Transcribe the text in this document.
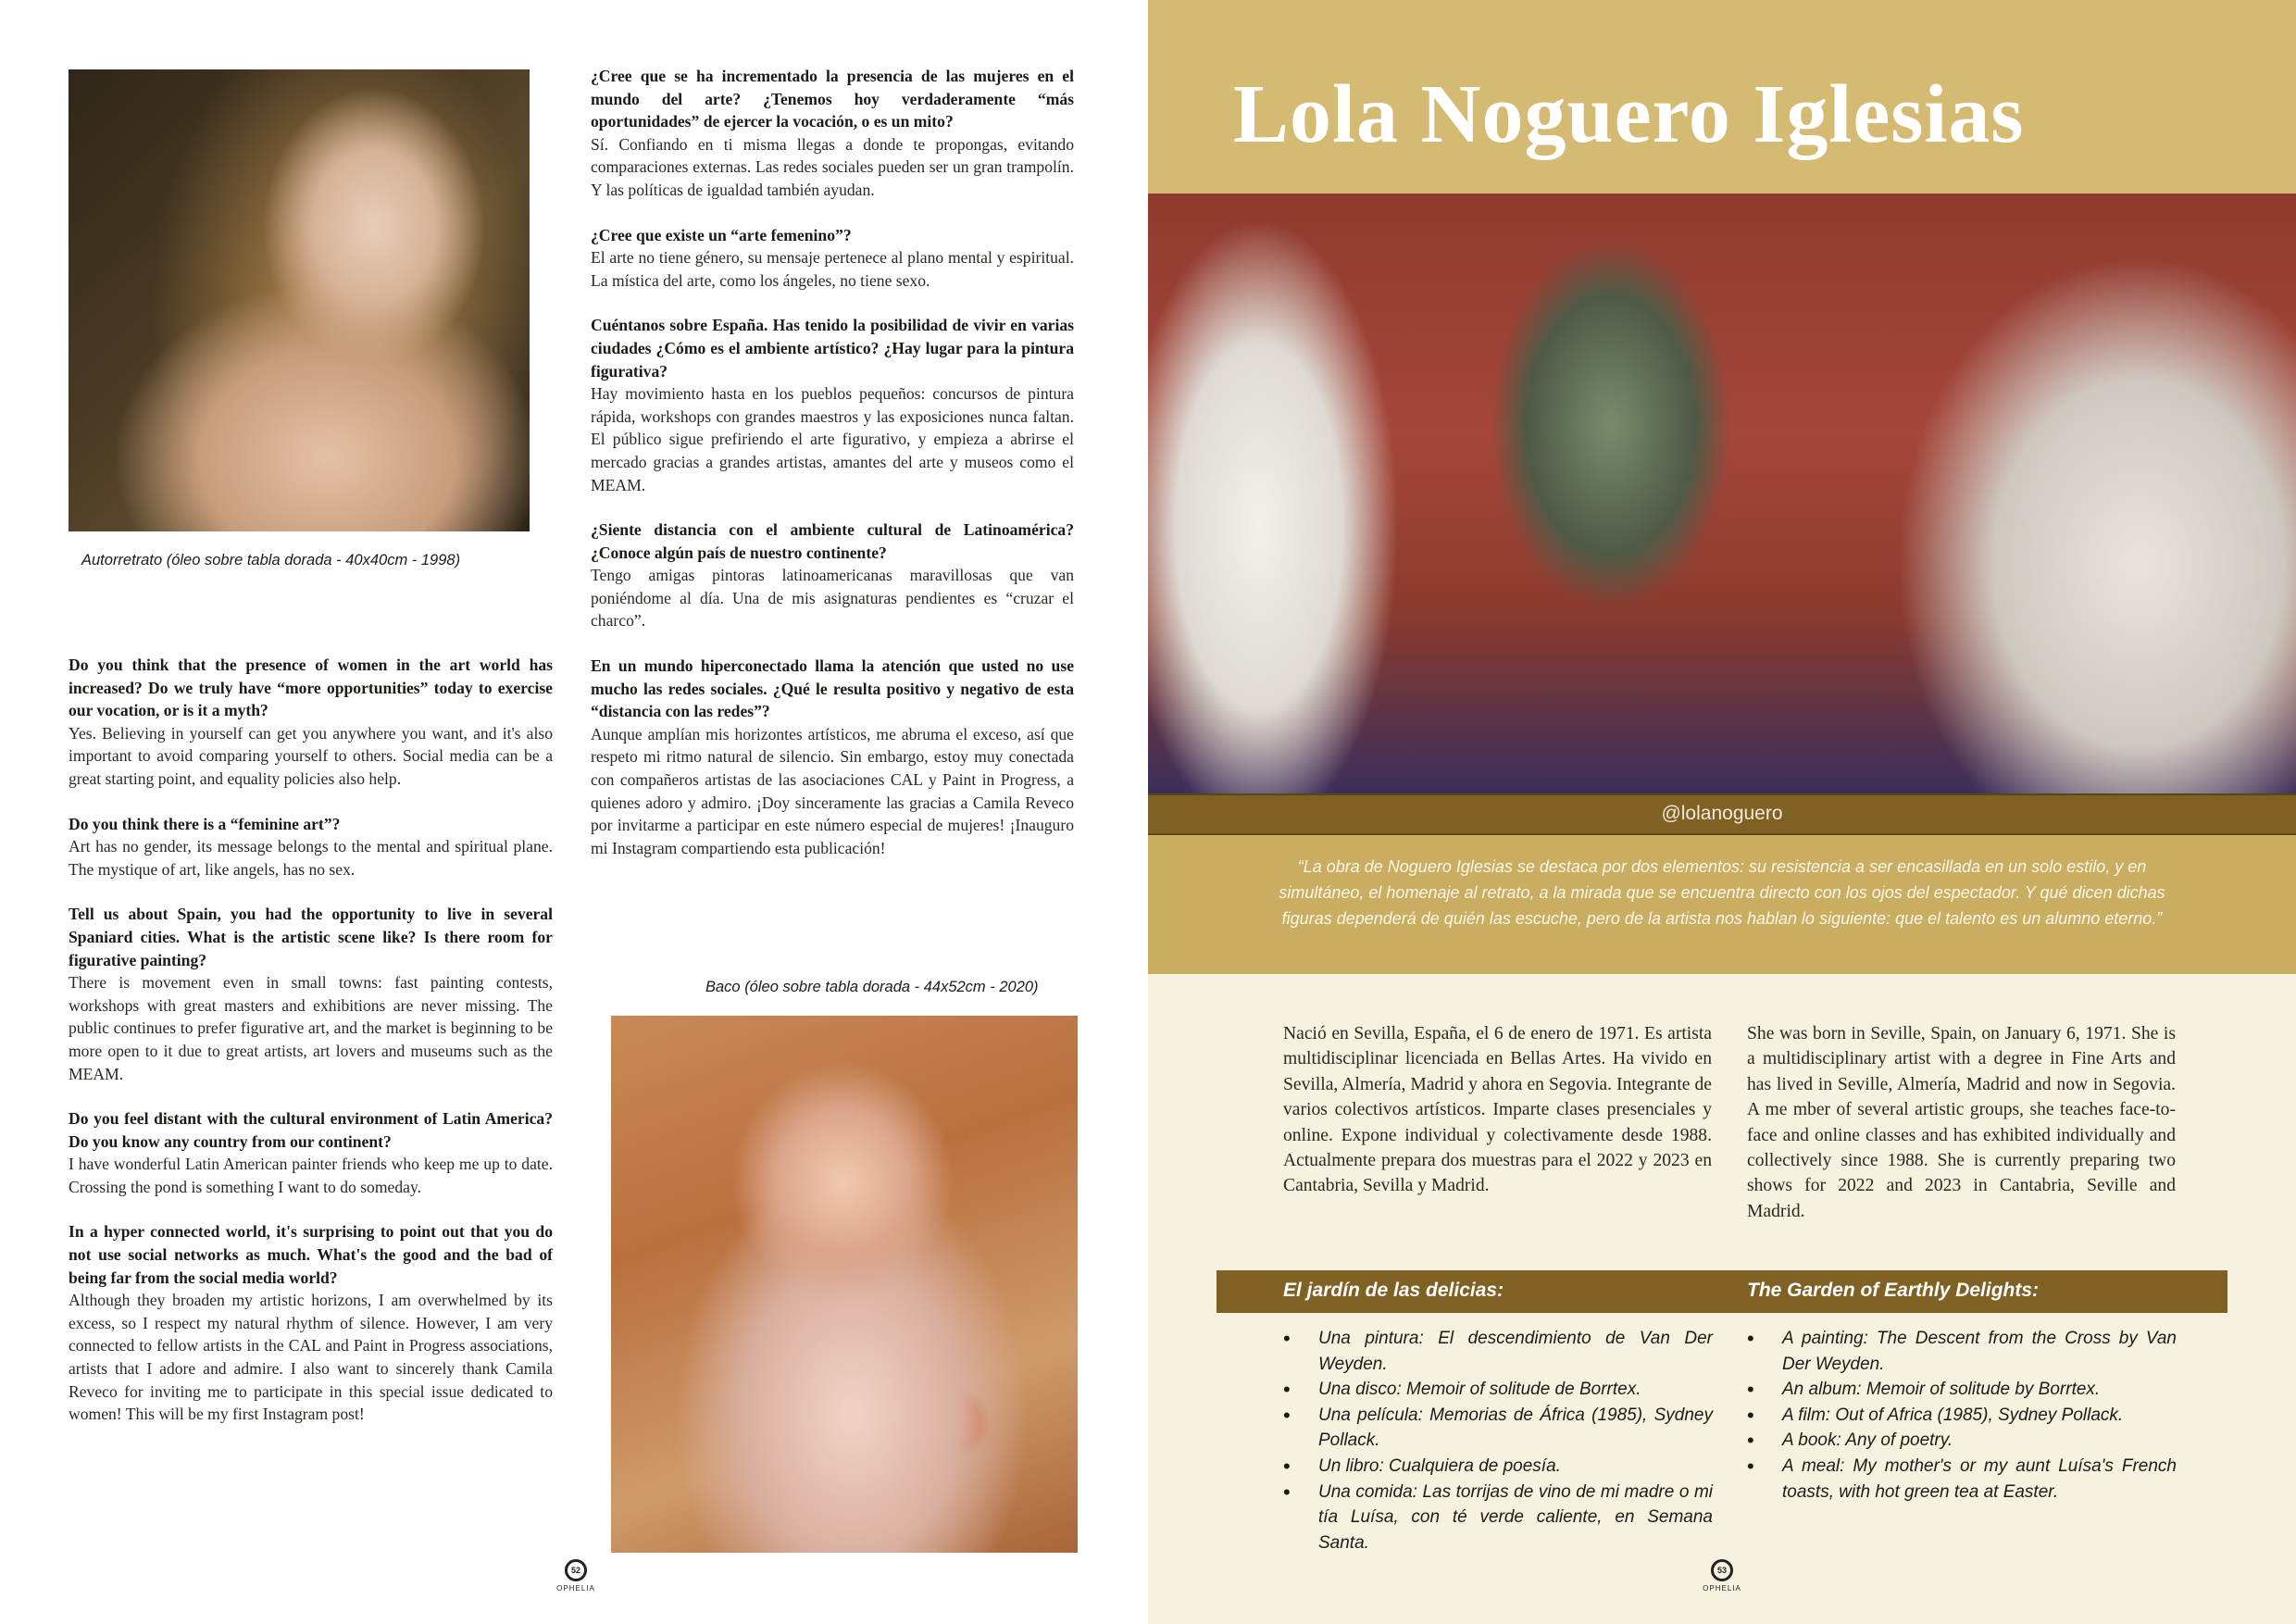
Autorretrato (óleo sobre tabla dorada - 40x40cm - 1998)

Do you think that the presence of women in the art world has increased? Do we truly have “more opportunities” today to exercise our vocation, or is it a myth?

Yes. Believing in yourself can get you anywhere you want, and it's also important to avoid comparing yourself to others. Social media can be a great starting point, and equality policies also help.

Do you think there is a “feminine art”?

Art has no gender, its message belongs to the mental and spiritual plane. The mystique of art, like angels, has no sex.

Tell us about Spain, you had the opportunity to live in several Spaniard cities. What is the artistic scene like? Is there room for figurative painting?

There is movement even in small towns: fast painting contests, workshops with great masters and exhibitions are never missing. The public continues to prefer figurative art, and the market is beginning to be more open to it due to great artists, art lovers and museums such as the MEAM.

Do you feel distant with the cultural environment of Latin America? Do you know any country from our continent?

I have wonderful Latin American painter friends who keep me up to date. Crossing the pond is something I want to do someday.

In a hyper connected world, it's surprising to point out that you do not use social networks as much. What's the good and the bad of being far from the social media world?

Although they broaden my artistic horizons, I am overwhelmed by its excess, so I respect my natural rhythm of silence. However, I am very connected to fellow artists in the CAL and Paint in Progress associations, artists that I adore and admire. I also want to sincerely thank Camila Reveco for inviting me to participate in this special issue dedicated to women! This will be my first Instagram post!

¿Cree que se ha incrementado la presencia de las mujeres en el mundo del arte? ¿Tenemos hoy verdaderamente “más oportunidades” de ejercer la vocación, o es un mito?

Sí. Confiando en ti misma llegas a donde te propongas, evitando comparaciones externas. Las redes sociales pueden ser un gran trampolín. Y las políticas de igualdad también ayudan.

¿Cree que existe un “arte femenino”?

El arte no tiene género, su mensaje pertenece al plano mental y espiritual. La mística del arte, como los ángeles, no tiene sexo.

Cuéntanos sobre España. Has tenido la posibilidad de vivir en varias ciudades ¿Cómo es el ambiente artístico? ¿Hay lugar para la pintura figurativa?

Hay movimiento hasta en los pueblos pequeños: concursos de pintura rápida, workshops con grandes maestros y las exposiciones nunca faltan. El público sigue prefiriendo el arte figurativo, y empieza a abrirse el mercado gracias a grandes artistas, amantes del arte y museos como el MEAM.

¿Siente distancia con el ambiente cultural de Latinoamérica? ¿Conoce algún país de nuestro continente?

Tengo amigas pintoras latinoamericanas maravillosas que van poniéndome al día. Una de mis asignaturas pendientes es “cruzar el charco”.

En un mundo hiperconectado llama la atención que usted no use mucho las redes sociales. ¿Qué le resulta positivo y negativo de esta “distancia con las redes”?

Aunque amplían mis horizontes artísticos, me abruma el exceso, así que respeto mi ritmo natural de silencio. Sin embargo, estoy muy conectada con compañeros artistas de las asociaciones CAL y Paint in Progress, a quienes adoro y admiro. ¡Doy sinceramente las gracias a Camila Reveco por invitarme a participar en este número especial de mujeres! ¡Inauguro mi Instagram compartiendo esta publicación!

Baco (óleo sobre tabla dorada - 44x52cm - 2020)
52
OPHELIA
Lola Noguero Iglesias
@lolanoguero
“La obra de Noguero Iglesias se destaca por dos elementos: su resistencia a ser encasillada en un solo estilo, y en simultáneo, el homenaje al retrato, a la mirada que se encuentra directo con los ojos del espectador. Y qué dicen dichas figuras dependerá de quién las escuche, pero de la artista nos hablan lo siguiente: que el talento es un alumno eterno.”

Nació en Sevilla, España, el 6 de enero de 1971. Es artista multidisciplinar licenciada en Bellas Artes. Ha vivido en Sevilla, Almería, Madrid y ahora en Segovia. Integrante de varios colectivos artísticos. Imparte clases presenciales y online. Expone individual y colectivamente desde 1988. Actualmente prepara dos muestras para el 2022 y 2023 en Cantabria, Sevilla y Madrid.

She was born in Seville, Spain, on January 6, 1971. She is a multidisciplinary artist with a degree in Fine Arts and has lived in Seville, Almería, Madrid and now in Segovia. A me mber of several artistic groups, she teaches face-to-face and online classes and has exhibited individually and collectively since 1988. She is currently preparing two shows for 2022 and 2023 in Cantabria, Seville and Madrid.

El jardín de las delicias:	The Garden of Earthly Delights:
• Una pintura: El descendimiento de Van Der Weyden.
• Una disco: Memoir of solitude de Borrtex.
• Una película: Memorias de África (1985), Sydney Pollack.
• Un libro: Cualquiera de poesía.
• Una comida: Las torrijas de vino de mi madre o mi tía Luísa, con té verde caliente, en Semana Santa.
• A painting: The Descent from the Cross by Van Der Weyden.
• An album: Memoir of solitude by Borrtex.
• A film: Out of Africa (1985), Sydney Pollack.
• A book: Any of poetry.
• A meal: My mother's or my aunt Luísa's French toasts, with hot green tea at Easter.
53
OPHELIA
